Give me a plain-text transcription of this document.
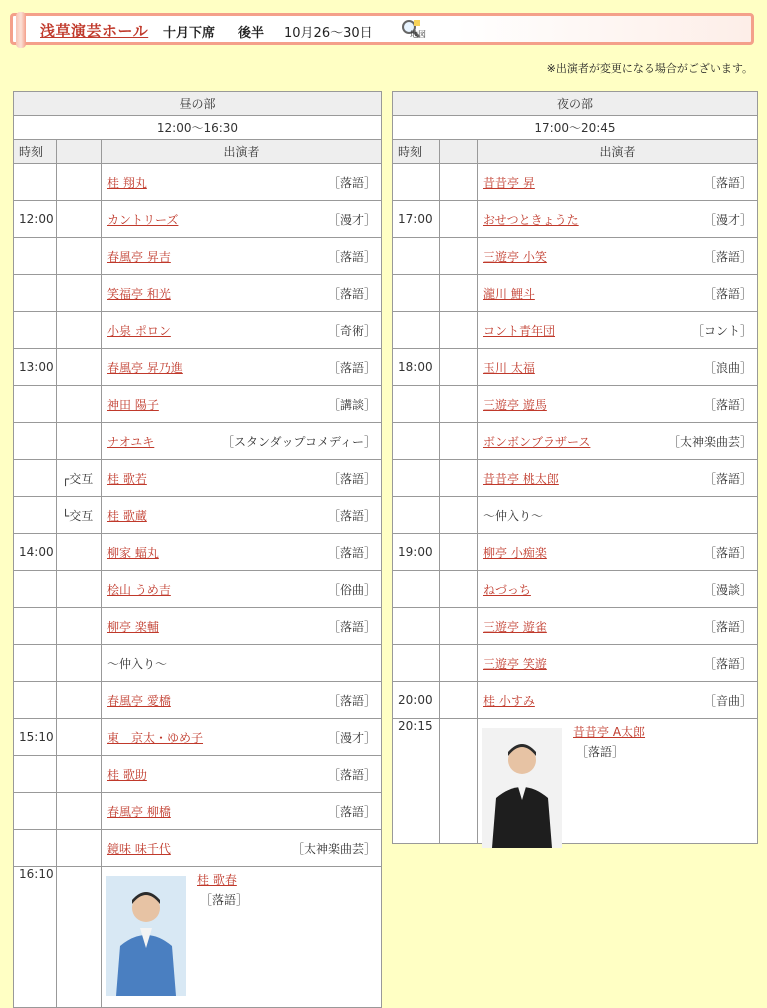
浅草演芸ホール 十月下席 後半 10月26～30日	地図
※出演者が変更になる場合がございます。
昼の部		
12:00～16:30		
時刻		出演者

		桂 翔丸 ［落語］

12:00		カントリーズ ［漫才］

		春風亭 昇吉 ［落語］

		笑福亭 和光 ［落語］

		小泉 ポロン ［奇術］

13:00		春風亭 昇乃進 ［落語］

		神田 陽子 ［講談］

		ナオユキ ［スタンダップコメディー］

	┌交互	桂 歌若 ［落語］

	└交互	桂 歌蔵 ［落語］

14:00		柳家 蝠丸 ［落語］

		桧山 うめ吉 ［俗曲］

		柳亭 楽輔 ［落語］

		～仲入り～

		春風亭 愛橋 ［落語］

15:10		東　京太・ゆめ子 ［漫才］

		桂 歌助 ［落語］

		春風亭 柳橋 ［落語］

		鏡味 味千代 ［太神楽曲芸］

16:10		桂 歌春
［落語］
夜の部		
17:00～20:45		
時刻		出演者

		昔昔亭 昇 ［落語］

17:00		おせつときょうた ［漫才］

		三遊亭 小笑 ［落語］

		瀧川 鯉斗 ［落語］

		コント青年団 ［コント］

18:00		玉川 太福 ［浪曲］

		三遊亭 遊馬 ［落語］

		ボンボンブラザース ［太神楽曲芸］

		昔昔亭 桃太郎 ［落語］

		～仲入り～
19:00		柳亭 小痴楽 ［落語］

		ねづっち ［漫談］

		三遊亭 遊雀 ［落語］

		三遊亭 笑遊 ［落語］

20:00		桂 小すみ ［音曲］

20:15		昔昔亭 A太郎
［落語］
